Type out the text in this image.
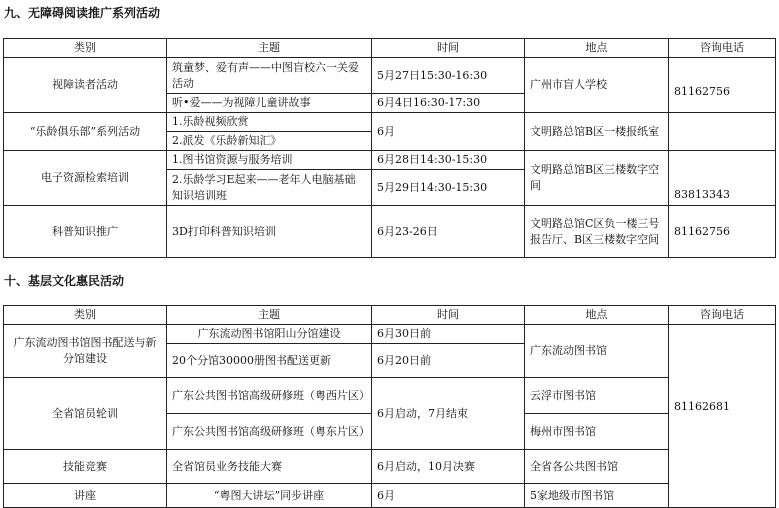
九、无障碍阅读推广系列活动
类别	主题	时间	地点	咨询电话
视障读者活动	筑童梦、爱有声——中图盲校六一关爱活动	5月27日15:30-16:30	广州市盲人学校	81162756
	听•爱——为视障儿童讲故事	6月4日16:30-17:30		
“乐龄俱乐部”系列活动	1.乐龄视频欣赏	6月	文明路总馆B区一楼报纸室	
	2.派发《乐龄新知汇》			
电子资源检索培训	1.图书馆资源与服务培训	6月28日14:30-15:30	文明路总馆B区三楼数字空间	83813343
	2.乐龄学习E起来——老年人电脑基础知识培训班	5月29日14:30-15:30		
科普知识推广	3D打印科普知识培训	6月23-26日	文明路总馆C区负一楼三号报告厅、B区三楼数字空间	81162756
十、基层文化惠民活动
类别	主题	时间	地点	咨询电话
广东流动图书馆图书配送与新分馆建设	广东流动图书馆阳山分馆建设	6月30日前	广东流动图书馆	81162681
	20个分馆30000册图书配送更新	6月20日前		
全省馆员轮训	广东公共图书馆高级研修班（粤西片区）	6月启动，7月结束	云浮市图书馆	
	广东公共图书馆高级研修班（粤东片区）		梅州市图书馆	
技能竞赛	全省馆员业务技能大赛	6月启动，10月决赛	全省各公共图书馆	
讲座	“粤图大讲坛”同步讲座	6月	5家地级市图书馆	
